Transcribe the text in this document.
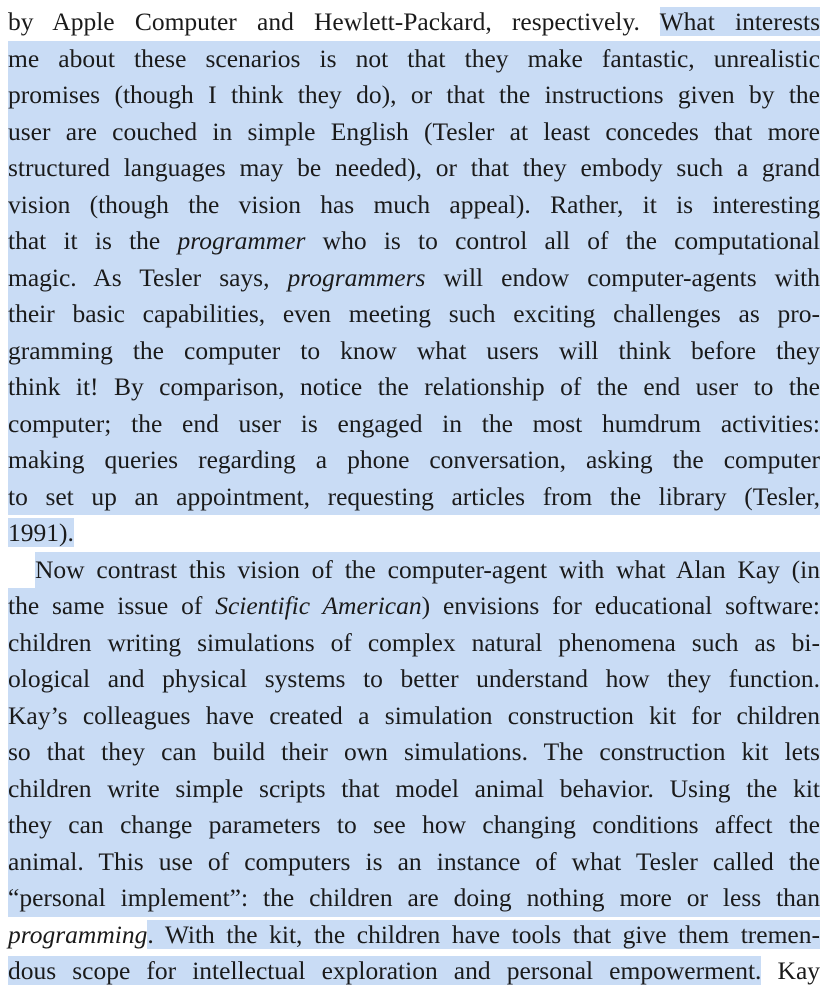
by Apple Computer and Hewlett-Packard, respectively. What interests
me about these scenarios is not that they make fantastic, unrealistic
promises (though I think they do), or that the instructions given by the
user are couched in simple English (Tesler at least concedes that more
structured languages may be needed), or that they embody such a grand
vision (though the vision has much appeal). Rather, it is interesting
that it is the programmer who is to control all of the computational
magic. As Tesler says, programmers will endow computer-agents with
their basic capabilities, even meeting such exciting challenges as pro-
gramming the computer to know what users will think before they
think it! By comparison, notice the relationship of the end user to the
computer; the end user is engaged in the most humdrum activities:
making queries regarding a phone conversation, asking the computer
to set up an appointment, requesting articles from the library (Tesler,
1991).
Now contrast this vision of the computer-agent with what Alan Kay (in
the same issue of Scientific American) envisions for educational software:
children writing simulations of complex natural phenomena such as bi-
ological and physical systems to better understand how they function.
Kay’s colleagues have created a simulation construction kit for children
so that they can build their own simulations. The construction kit lets
children write simple scripts that model animal behavior. Using the kit
they can change parameters to see how changing conditions affect the
animal. This use of computers is an instance of what Tesler called the
“personal implement”: the children are doing nothing more or less than
programming. With the kit, the children have tools that give them tremen-
dous scope for intellectual exploration and personal empowerment. Kay
